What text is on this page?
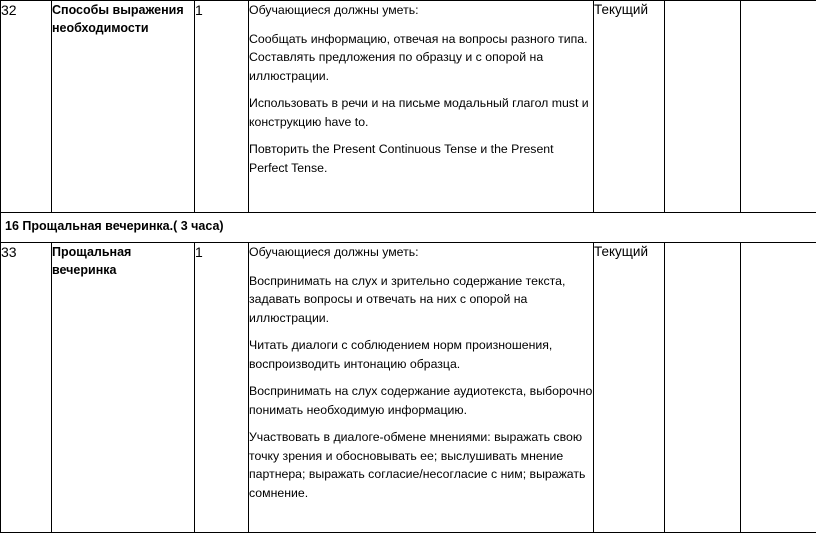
32	Способы выражения необходимости	1	Обучающиеся должны уметь:

Сообщать информацию, отвечая на вопросы разного типа. Составлять предложения по образцу и с опорой на иллюстрации.

Использовать в речи и на письме модальный глагол must и конструкцию have to.

Повторить the Present Continuous Tense и the Present Perfect Tense.	Текущий			
16 Прощальная вечеринка.( 3 часа)							
33	Прощальная вечеринка	1	Обучающиеся должны уметь:

Воспринимать на слух и зрительно содержание текста, задавать вопросы и отвечать на них с опорой на иллюстрации.

Читать диалоги с соблюдением норм произношения, воспроизводить интонацию образца.

Воспринимать на слух содержание аудиотекста, выборочно понимать необходимую информацию.

Участвовать в диалоге-обмене мнениями: выражать свою точку зрения и обосновывать ее; выслушивать мнение партнера; выражать согласие/несогласие с ним; выражать сомнение.	Текущий			
